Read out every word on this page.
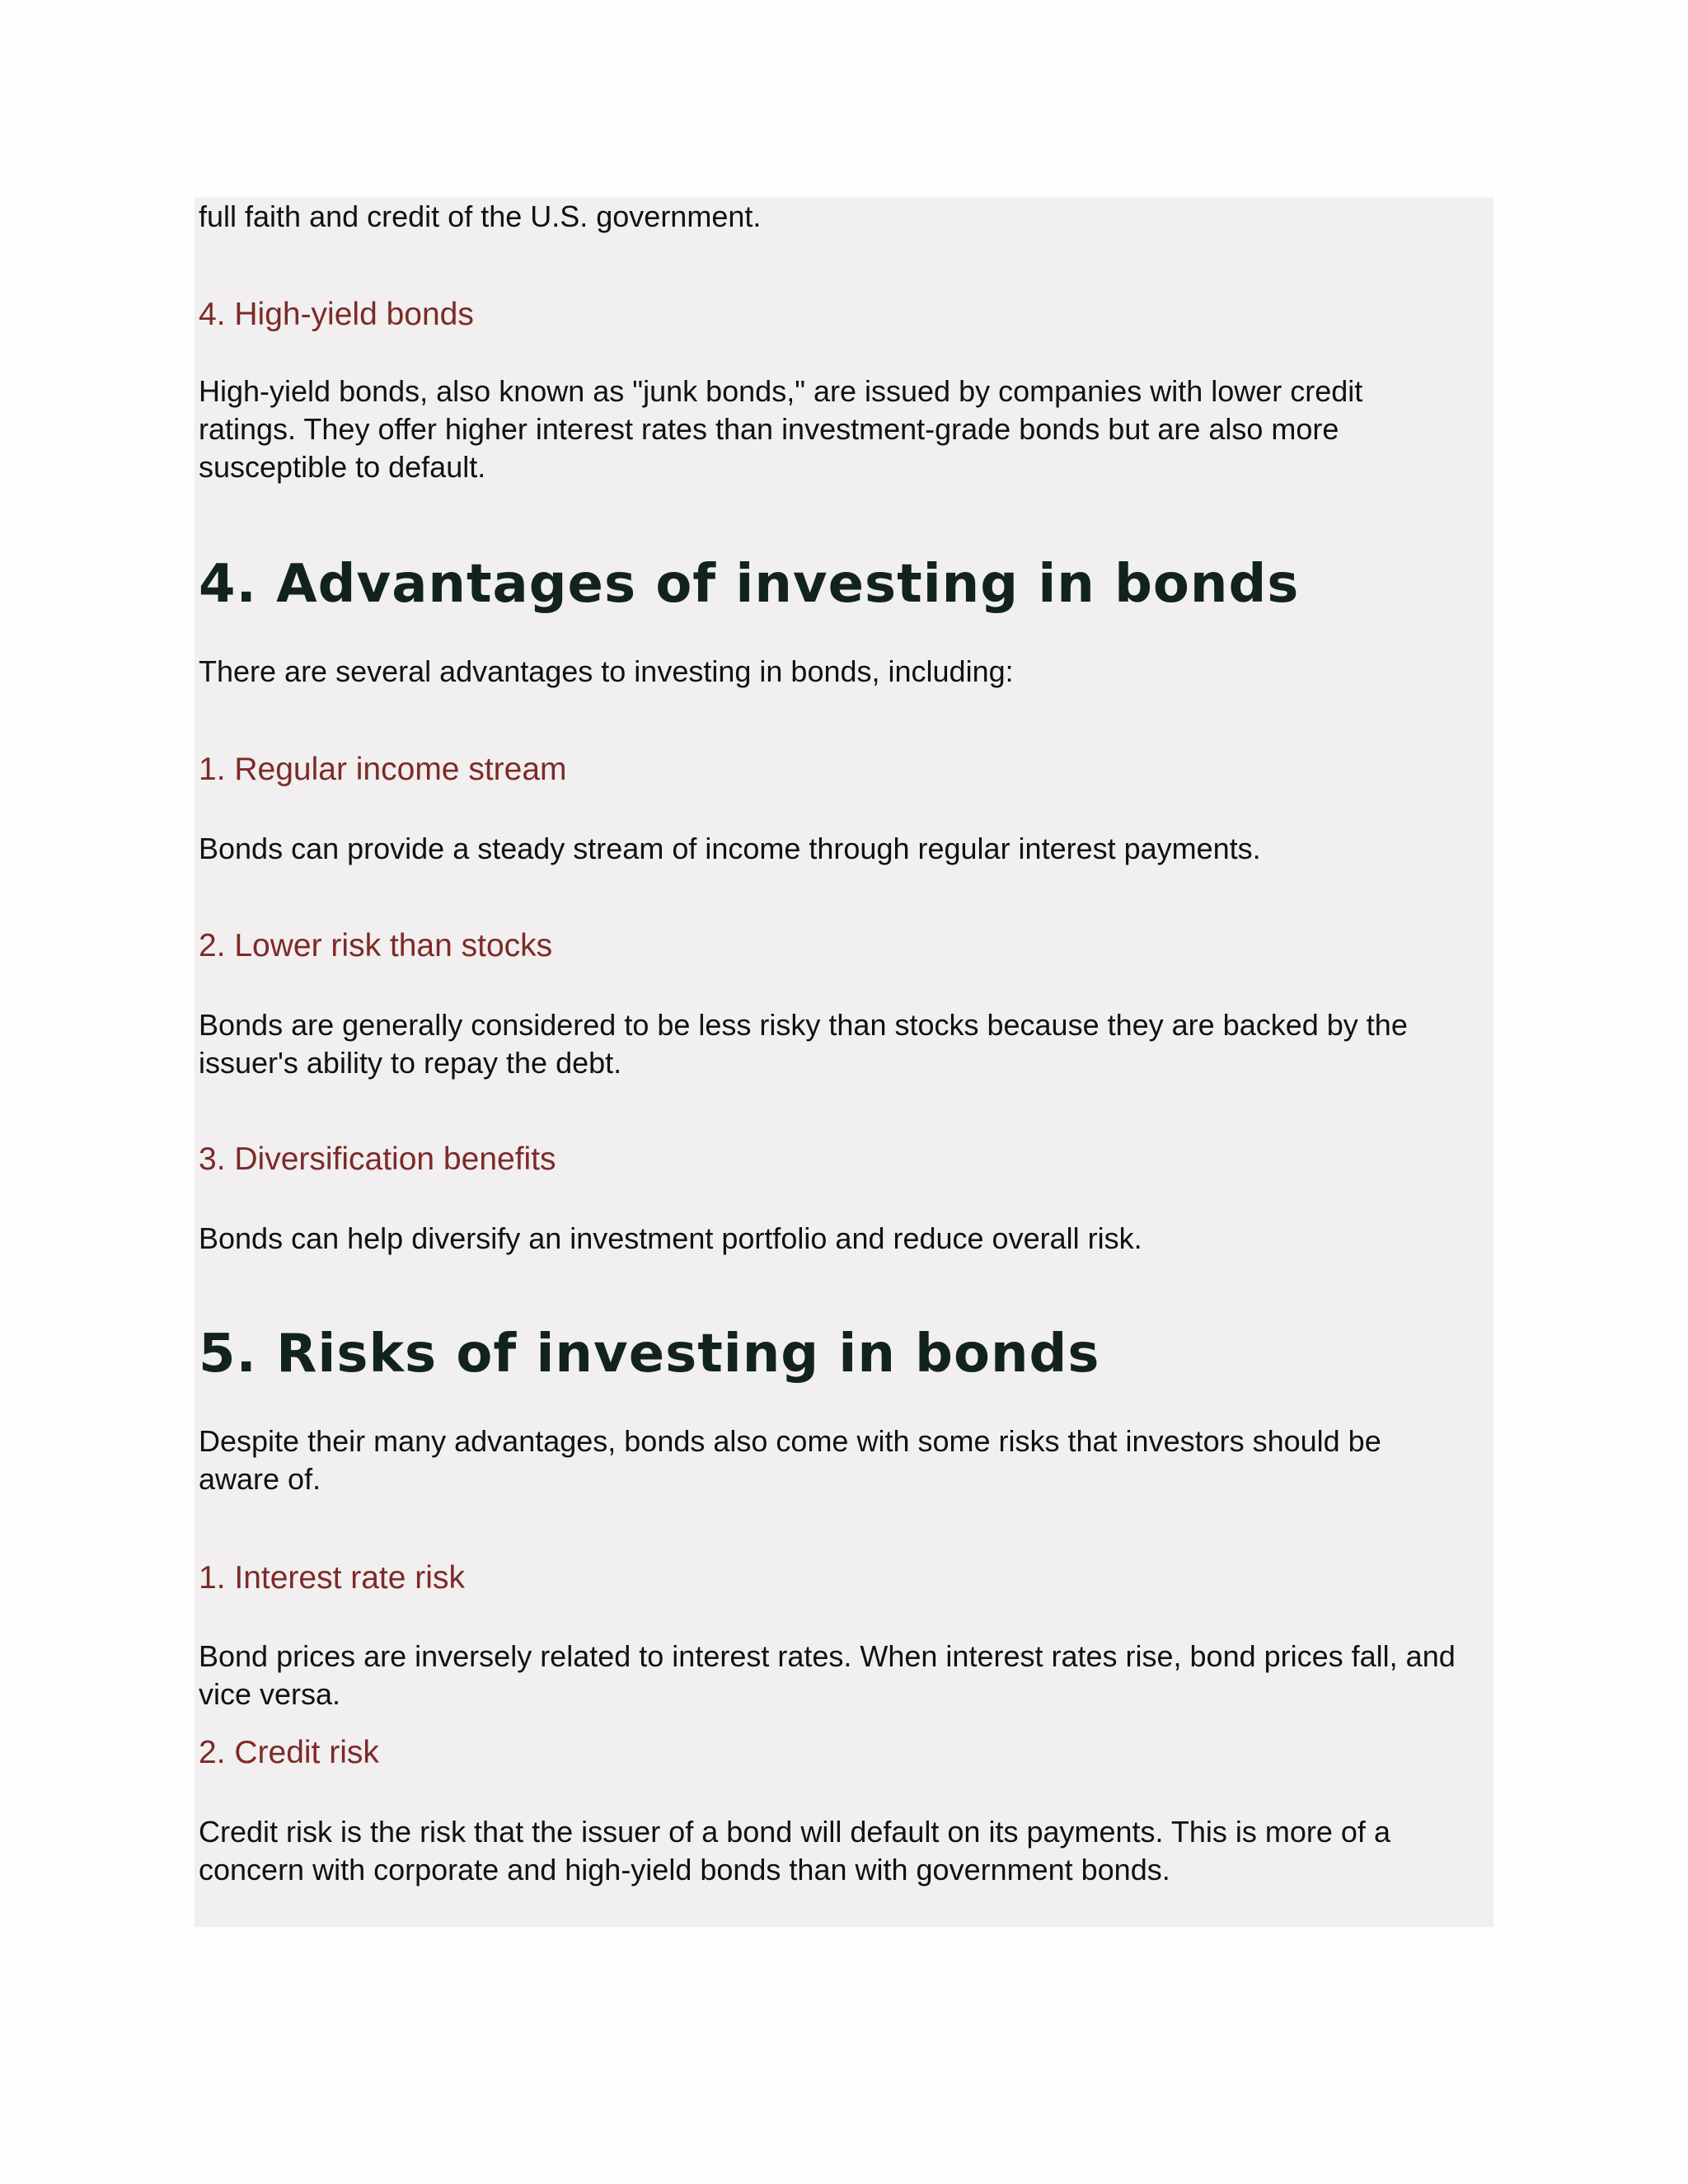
full faith and credit of the U.S. government.

4. High-yield bonds

High-yield bonds, also known as "junk bonds," are issued by companies with lower credit
ratings. They offer higher interest rates than investment-grade bonds but are also more
susceptible to default.

4. Advantages of investing in bonds

There are several advantages to investing in bonds, including:

1. Regular income stream

Bonds can provide a steady stream of income through regular interest payments.

2. Lower risk than stocks

Bonds are generally considered to be less risky than stocks because they are backed by the
issuer's ability to repay the debt.

3. Diversification benefits

Bonds can help diversify an investment portfolio and reduce overall risk.

5. Risks of investing in bonds

Despite their many advantages, bonds also come with some risks that investors should be
aware of.

1. Interest rate risk

Bond prices are inversely related to interest rates. When interest rates rise, bond prices fall, and
vice versa.

2. Credit risk

Credit risk is the risk that the issuer of a bond will default on its payments. This is more of a
concern with corporate and high-yield bonds than with government bonds.
